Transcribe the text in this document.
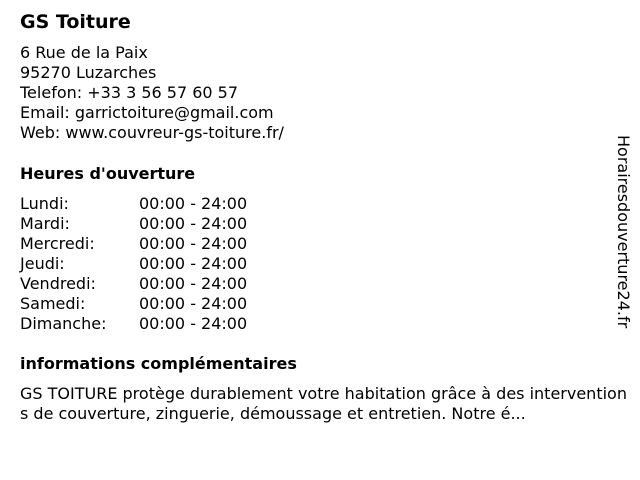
GS Toiture
6 Rue de la Paix
95270 Luzarches
Telefon: +33 3 56 57 60 57
Email: garrictoiture@gmail.com
Web: www.couvreur-gs-toiture.fr/
Heures d'ouverture
Lundi:	00:00 - 24:00
Mardi:	00:00 - 24:00
Mercredi:	00:00 - 24:00
Jeudi:	00:00 - 24:00
Vendredi:	00:00 - 24:00
Samedi:	00:00 - 24:00
Dimanche: 00:00 - 24:00
informations complémentaires
GS TOITURE protège durablement votre habitation grâce à des interventions de couverture, zinguerie, démoussage et entretien. Notre é...
Horairesdouverture24.fr
